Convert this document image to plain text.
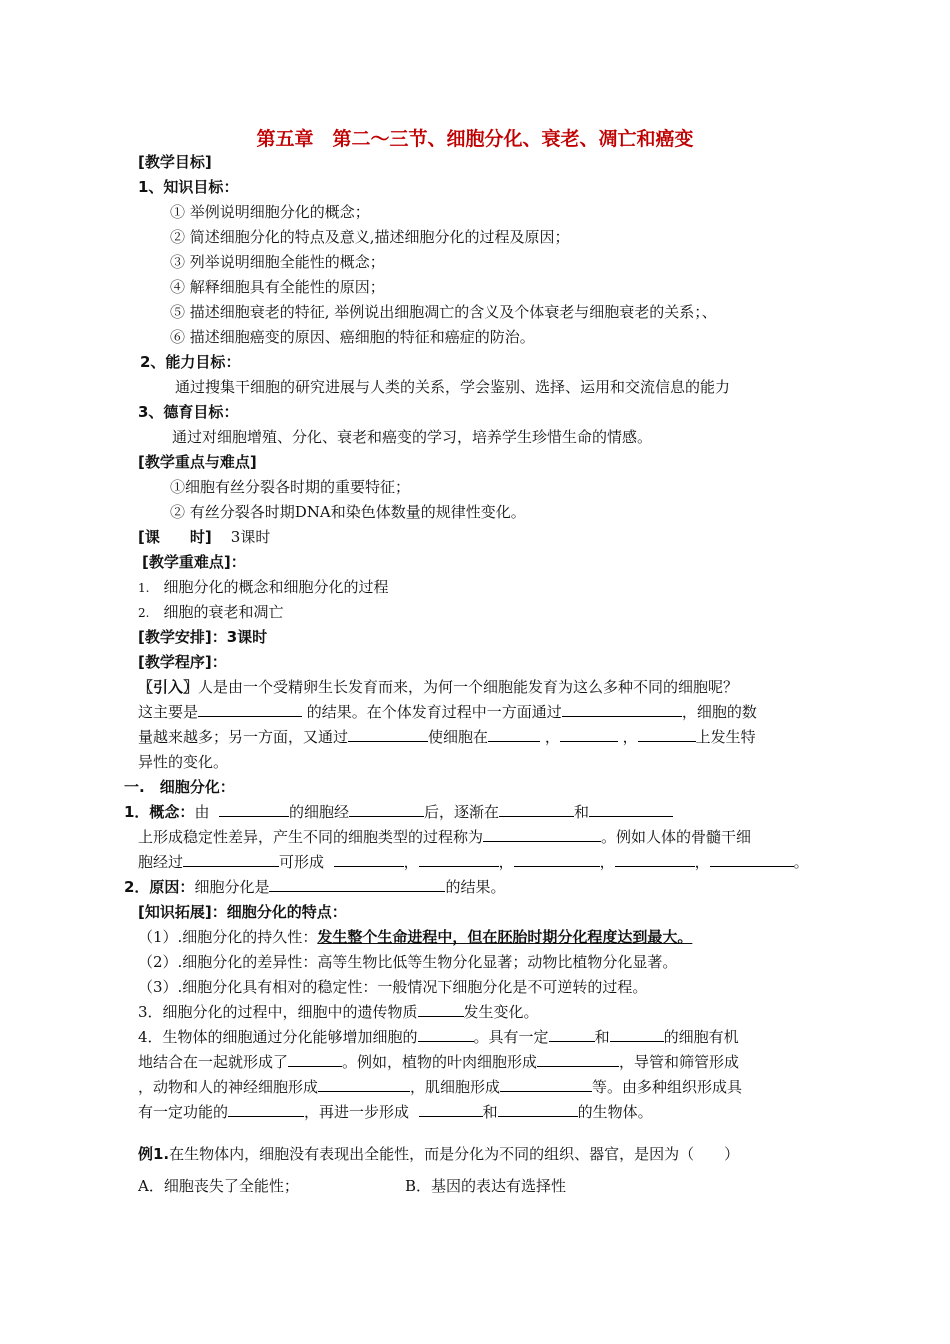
第五章　第二～三节、细胞分化、衰老、凋亡和癌变
[教学目标]
1、知识目标：
① 举例说明细胞分化的概念；
② 简述细胞分化的特点及意义,描述细胞分化的过程及原因；
③ 列举说明细胞全能性的概念；
④ 解释细胞具有全能性的原因；
⑤ 描述细胞衰老的特征, 举例说出细胞凋亡的含义及个体衰老与细胞衰老的关系；、
⑥ 描述细胞癌变的原因、癌细胞的特征和癌症的防治。
2、能力目标：
通过搜集干细胞的研究进展与人类的关系，学会鉴别、选择、运用和交流信息的能力
3、德育目标：
通过对细胞增殖、分化、衰老和癌变的学习，培养学生珍惜生命的情感。
[教学重点与难点]
①细胞有丝分裂各时期的重要特征；
② 有丝分裂各时期DNA和染色体数量的规律性变化。
[课　　时] 3课时
[教学重难点]：
1. 细胞分化的概念和细胞分化的过程
2. 细胞的衰老和凋亡
[教学安排]：3课时
[教学程序]：
〖引入〗人是由一个受精卵生长发育而来，为何一个细胞能发育为这么多种不同的细胞呢？
这主要是	的结果。在个体发育过程中一方面通过	，细胞的数
量越来越多；另一方面，又通过	使细胞在	，	，	上发生特
异性的变化。
一.　细胞分化：
1．概念：由	的细胞经	后，逐渐在	和
上形成稳定性差异，产生不同的细胞类型的过程称为	。例如人体的骨髓干细
胞经过	可形成	，	，	，	，	。
2．原因：细胞分化是	的结果。
[知识拓展]：细胞分化的特点：
（1）.细胞分化的持久性：发生整个生命进程中，但在胚胎时期分化程度达到最大。
（2）.细胞分化的差异性：高等生物比低等生物分化显著；动物比植物分化显著。
（3）.细胞分化具有相对的稳定性：一般情况下细胞分化是不可逆转的过程。
3．细胞分化的过程中，细胞中的遗传物质	发生变化。
4．生物体的细胞通过分化能够增加细胞的	。具有一定	和	的细胞有机
地结合在一起就形成了	。例如，植物的叶肉细胞形成	，导管和筛管形成
，动物和人的神经细胞形成	，肌细胞形成	等。由多种组织形成具
有一定功能的	，再进一步形成	和	的生物体。
例1.在生物体内，细胞没有表现出全能性，而是分化为不同的组织、器官，是因为（　　）
A．细胞丧失了全能性；	B．基因的表达有选择性
